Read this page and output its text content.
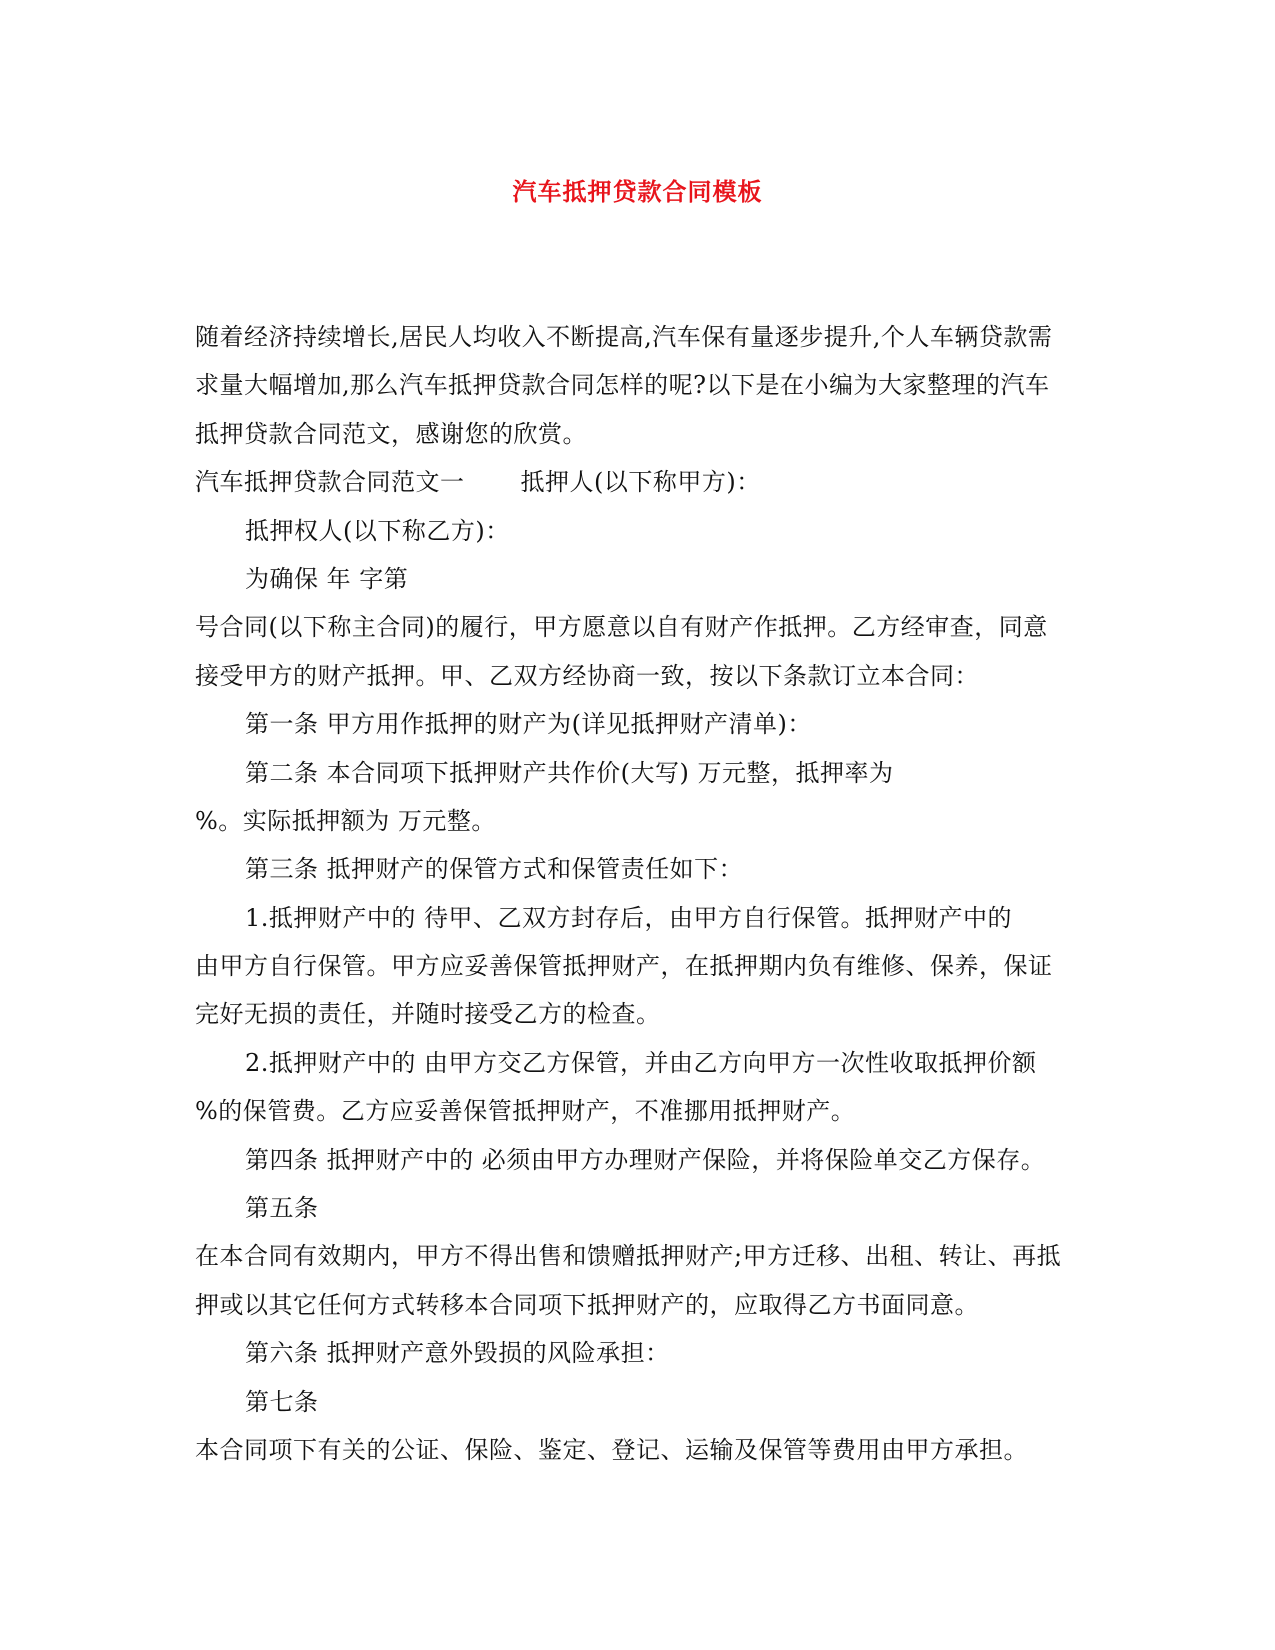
汽车抵押贷款合同模板
随着经济持续增长,居民人均收入不断提高,汽车保有量逐步提升,个人车辆贷款需
求量大幅增加,那么汽车抵押贷款合同怎样的呢?以下是在小编为大家整理的汽车
抵押贷款合同范文，感谢您的欣赏。
汽车抵押贷款合同范文一 抵押人(以下称甲方)：
抵押权人(以下称乙方)：
为确保 年 字第
号合同(以下称主合同)的履行，甲方愿意以自有财产作抵押。乙方经审查，同意
接受甲方的财产抵押。甲、乙双方经协商一致，按以下条款订立本合同：
第一条 甲方用作抵押的财产为(详见抵押财产清单)：
第二条 本合同项下抵押财产共作价(大写) 万元整，抵押率为
%。实际抵押额为 万元整。
第三条 抵押财产的保管方式和保管责任如下：
1.抵押财产中的 待甲、乙双方封存后，由甲方自行保管。抵押财产中的
由甲方自行保管。甲方应妥善保管抵押财产，在抵押期内负有维修、保养，保证
完好无损的责任，并随时接受乙方的检查。
2.抵押财产中的 由甲方交乙方保管，并由乙方向甲方一次性收取抵押价额
%的保管费。乙方应妥善保管抵押财产，不准挪用抵押财产。
第四条 抵押财产中的 必须由甲方办理财产保险，并将保险单交乙方保存。
第五条
在本合同有效期内，甲方不得出售和馈赠抵押财产;甲方迁移、出租、转让、再抵
押或以其它任何方式转移本合同项下抵押财产的，应取得乙方书面同意。
第六条 抵押财产意外毁损的风险承担：
第七条
本合同项下有关的公证、保险、鉴定、登记、运输及保管等费用由甲方承担。
